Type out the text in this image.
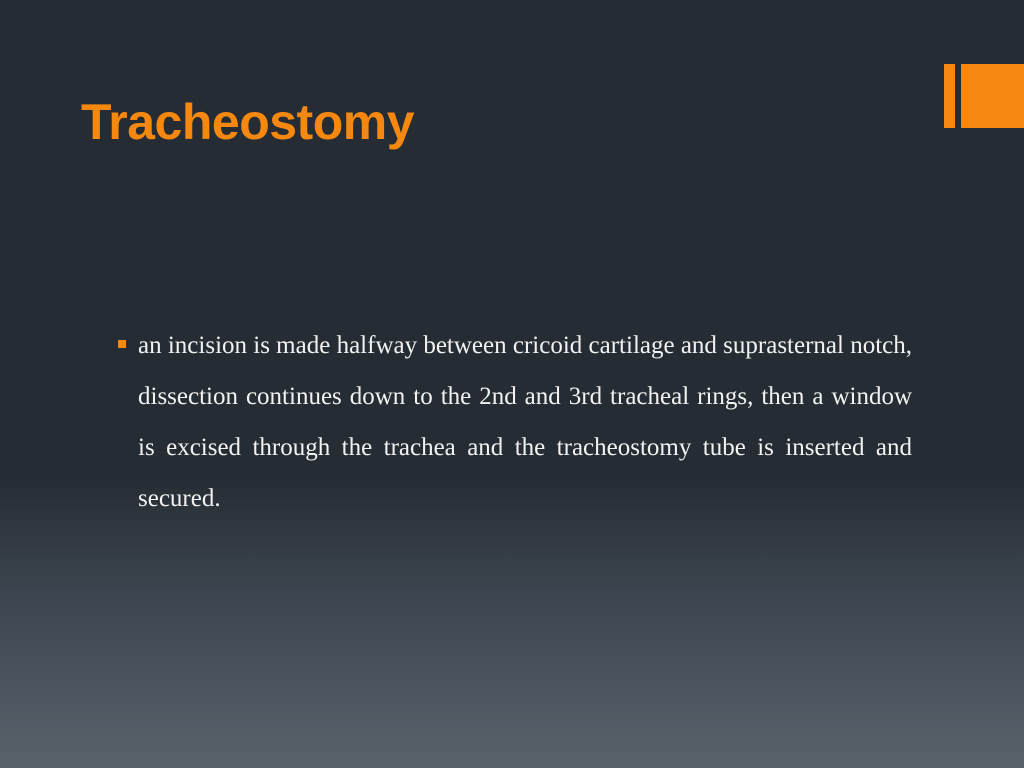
Tracheostomy

an incision is made halfway between cricoid cartilage and suprasternal notch, dissection continues down to the 2nd and 3rd tracheal rings, then a window is excised through the trachea and the tracheostomy tube is inserted and secured.
